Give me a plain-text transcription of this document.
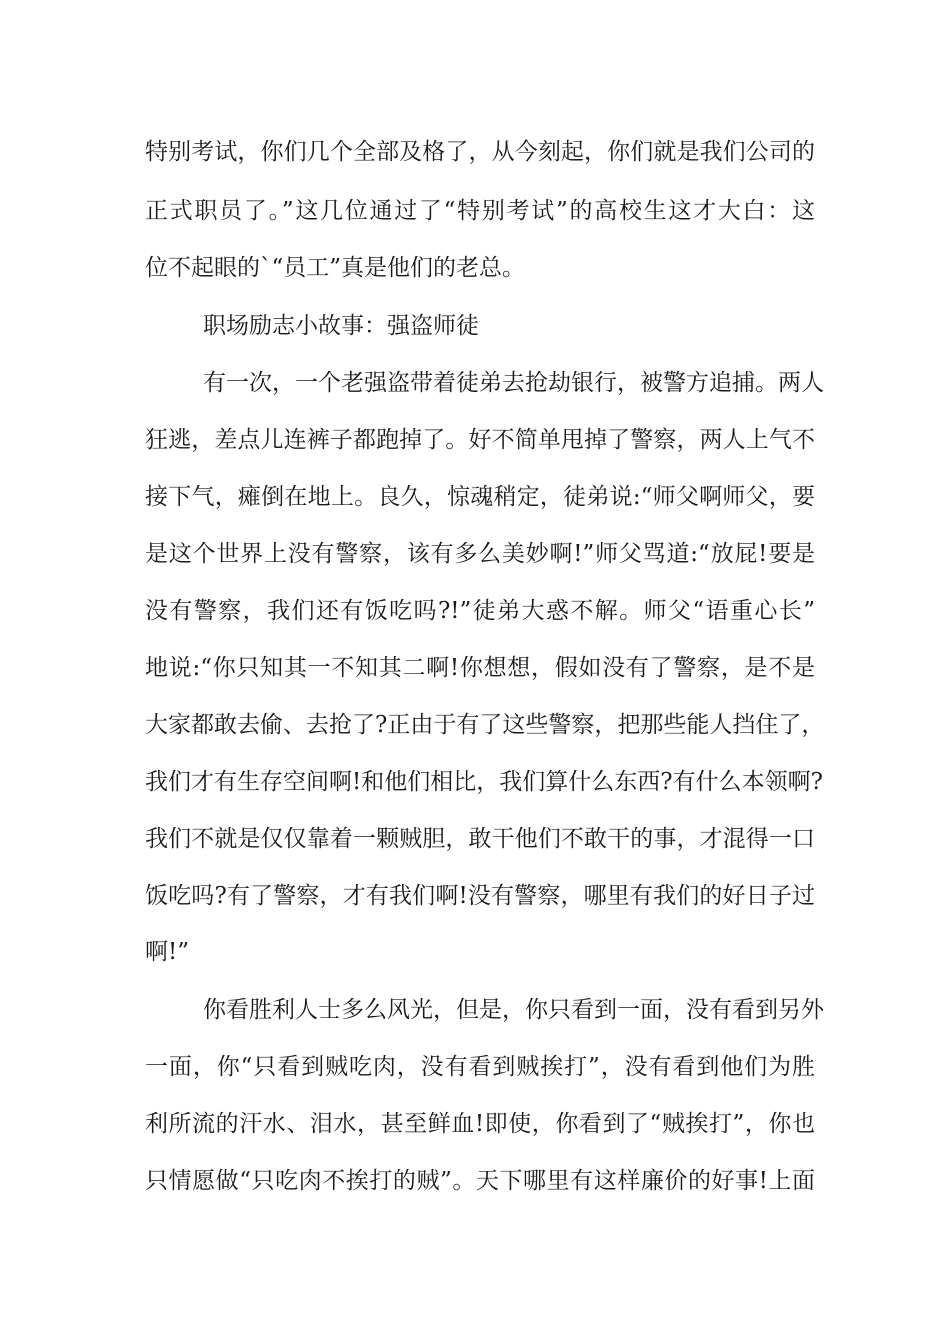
特别考试，你们几个全部及格了，从今刻起，你们就是我们公司的
正式职员了。”这几位通过了“特别考试”的高校生这才大白：这
位不起眼的`“员工”真是他们的老总。
职场励志小故事：强盗师徒
有一次，一个老强盗带着徒弟去抢劫银行，被警方追捕。两人
狂逃，差点儿连裤子都跑掉了。好不简单甩掉了警察，两人上气不
接下气，瘫倒在地上。良久，惊魂稍定，徒弟说:“师父啊师父，要
是这个世界上没有警察，该有多么美妙啊!”师父骂道:“放屁!要是
没有警察，我们还有饭吃吗?!”徒弟大惑不解。师父“语重心长”
地说:“你只知其一不知其二啊!你想想，假如没有了警察，是不是
大家都敢去偷、去抢了?正由于有了这些警察，把那些能人挡住了，
我们才有生存空间啊!和他们相比，我们算什么东西?有什么本领啊?
我们不就是仅仅靠着一颗贼胆，敢干他们不敢干的事，才混得一口
饭吃吗?有了警察，才有我们啊!没有警察，哪里有我们的好日子过
啊!”
你看胜利人士多么风光，但是，你只看到一面，没有看到另外
一面，你“只看到贼吃肉，没有看到贼挨打”，没有看到他们为胜
利所流的汗水、泪水，甚至鲜血!即使，你看到了“贼挨打”，你也
只情愿做“只吃肉不挨打的贼”。天下哪里有这样廉价的好事!上面
